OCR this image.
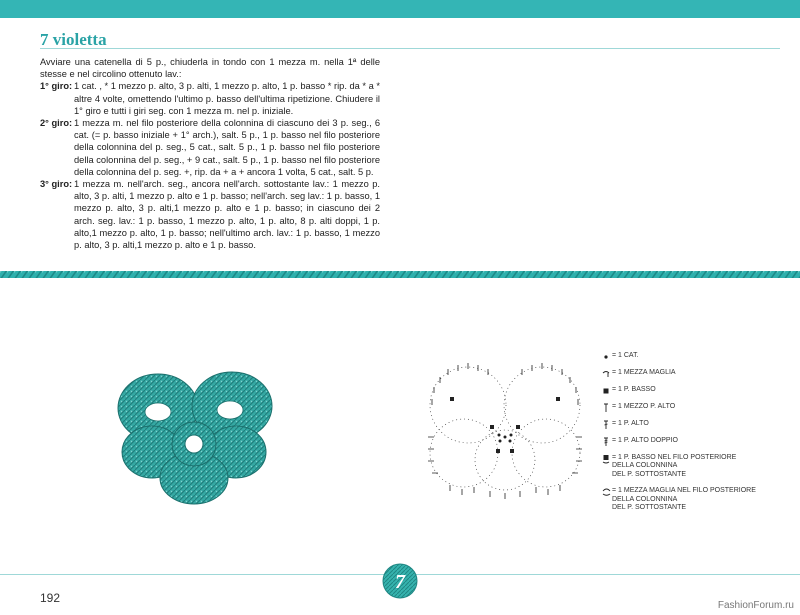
7 violetta

Avviare una catenella di 5 p., chiuderla in tondo con 1 mezza m. nella 1ª delle stesse e nel circolino ottenuto lav.:

1° giro: 1 cat. , * 1 mezzo p. alto, 3 p. alti, 1 mezzo p. alto, 1 p. basso * rip. da * a * altre 4 volte, omettendo l'ultimo p. basso dell'ultima ripetizione. Chiudere il 1° giro e tutti i giri seg. con 1 mezza m. nel p. iniziale.
2° giro: 1 mezza m. nel filo posteriore della colonnina di ciascuno dei 3 p. seg., 6 cat. (= p. basso iniziale + 1° arch.), salt. 5 p., 1 p. basso nel filo posteriore della colonnina del p. seg., 5 cat., salt. 5 p., 1 p. basso nel filo posteriore della colonnina del p. seg., + 9 cat., salt. 5 p., 1 p. basso nel filo posteriore della colonnina del p. seg. +, rip. da + a + ancora 1 volta, 5 cat., salt. 5 p.
3° giro: 1 mezza m. nell'arch. seg., ancora nell'arch. sottostante lav.: 1 mezzo p. alto, 3 p. alti, 1 mezzo p. alto e 1 p. basso; nell'arch. seg lav.: 1 p. basso, 1 mezzo p. alto, 3 p. alti,1 mezzo p. alto e 1 p. basso; in ciascuno dei 2 arch. seg. lav.: 1 p. basso, 1 mezzo p. alto, 1 p. alto, 8 p. alti doppi, 1 p. alto,1 mezzo p. alto, 1 p. basso; nell'ultimo arch. lav.: 1 p. basso, 1 mezzo p. alto, 3 p. alti,1 mezzo p. alto e 1 p. basso.
= 1 CAT.
= 1 MEZZA MAGLIA
= 1 P. BASSO
= 1 MEZZO P. ALTO
= 1 P. ALTO
= 1 P. ALTO DOPPIO
= 1 P. BASSO NEL FILO POSTERIORE
DELLA COLONNINA
DEL P. SOTTOSTANTE
= 1 MEZZA MAGLIA NEL FILO POSTERIORE
DELLA COLONNINA
DEL P. SOTTOSTANTE
7
192
FashionForum.ru
